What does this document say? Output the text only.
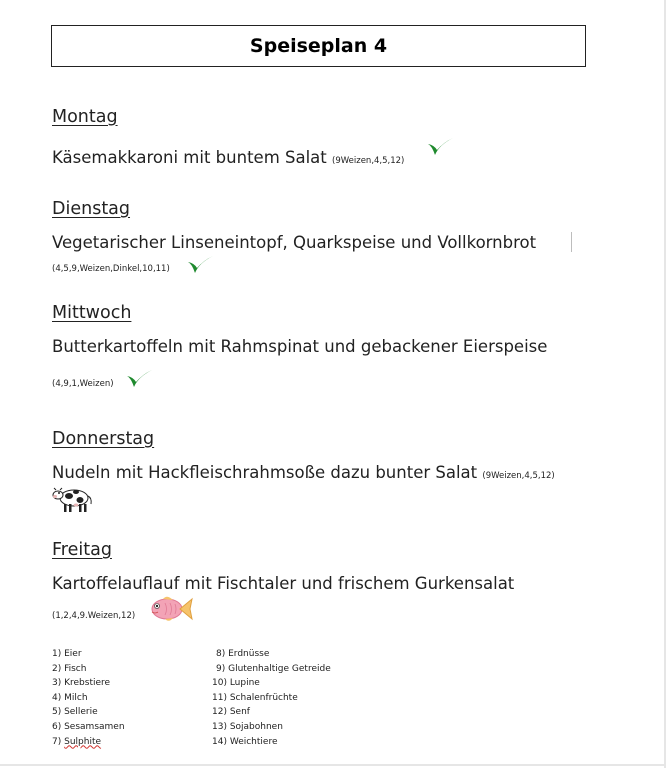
Speiseplan 4
Montag
Käsemakkaroni mit buntem Salat (9Weizen,4,5,12)
Dienstag
Vegetarischer Linseneintopf, Quarkspeise und Vollkornbrot
(4,5,9,Weizen,Dinkel,10,11)
Mittwoch
Butterkartoffeln mit Rahmspinat und gebackener Eierspeise
(4,9,1,Weizen)
Donnerstag
Nudeln mit Hackfleischrahmsoße dazu bunter Salat (9Weizen,4,5,12)
Freitag
Kartoffelauflauf mit Fischtaler und frischem Gurkensalat
(1,2,4,9.Weizen,12)
1) Eier
2) Fisch
3) Krebstiere
4) Milch
5) Sellerie
6) Sesamsamen
7) Sulphite
8) Erdnüsse
9) Glutenhaltige Getreide
10) Lupine
11) Schalenfrüchte
12) Senf
13) Sojabohnen
14) Weichtiere
